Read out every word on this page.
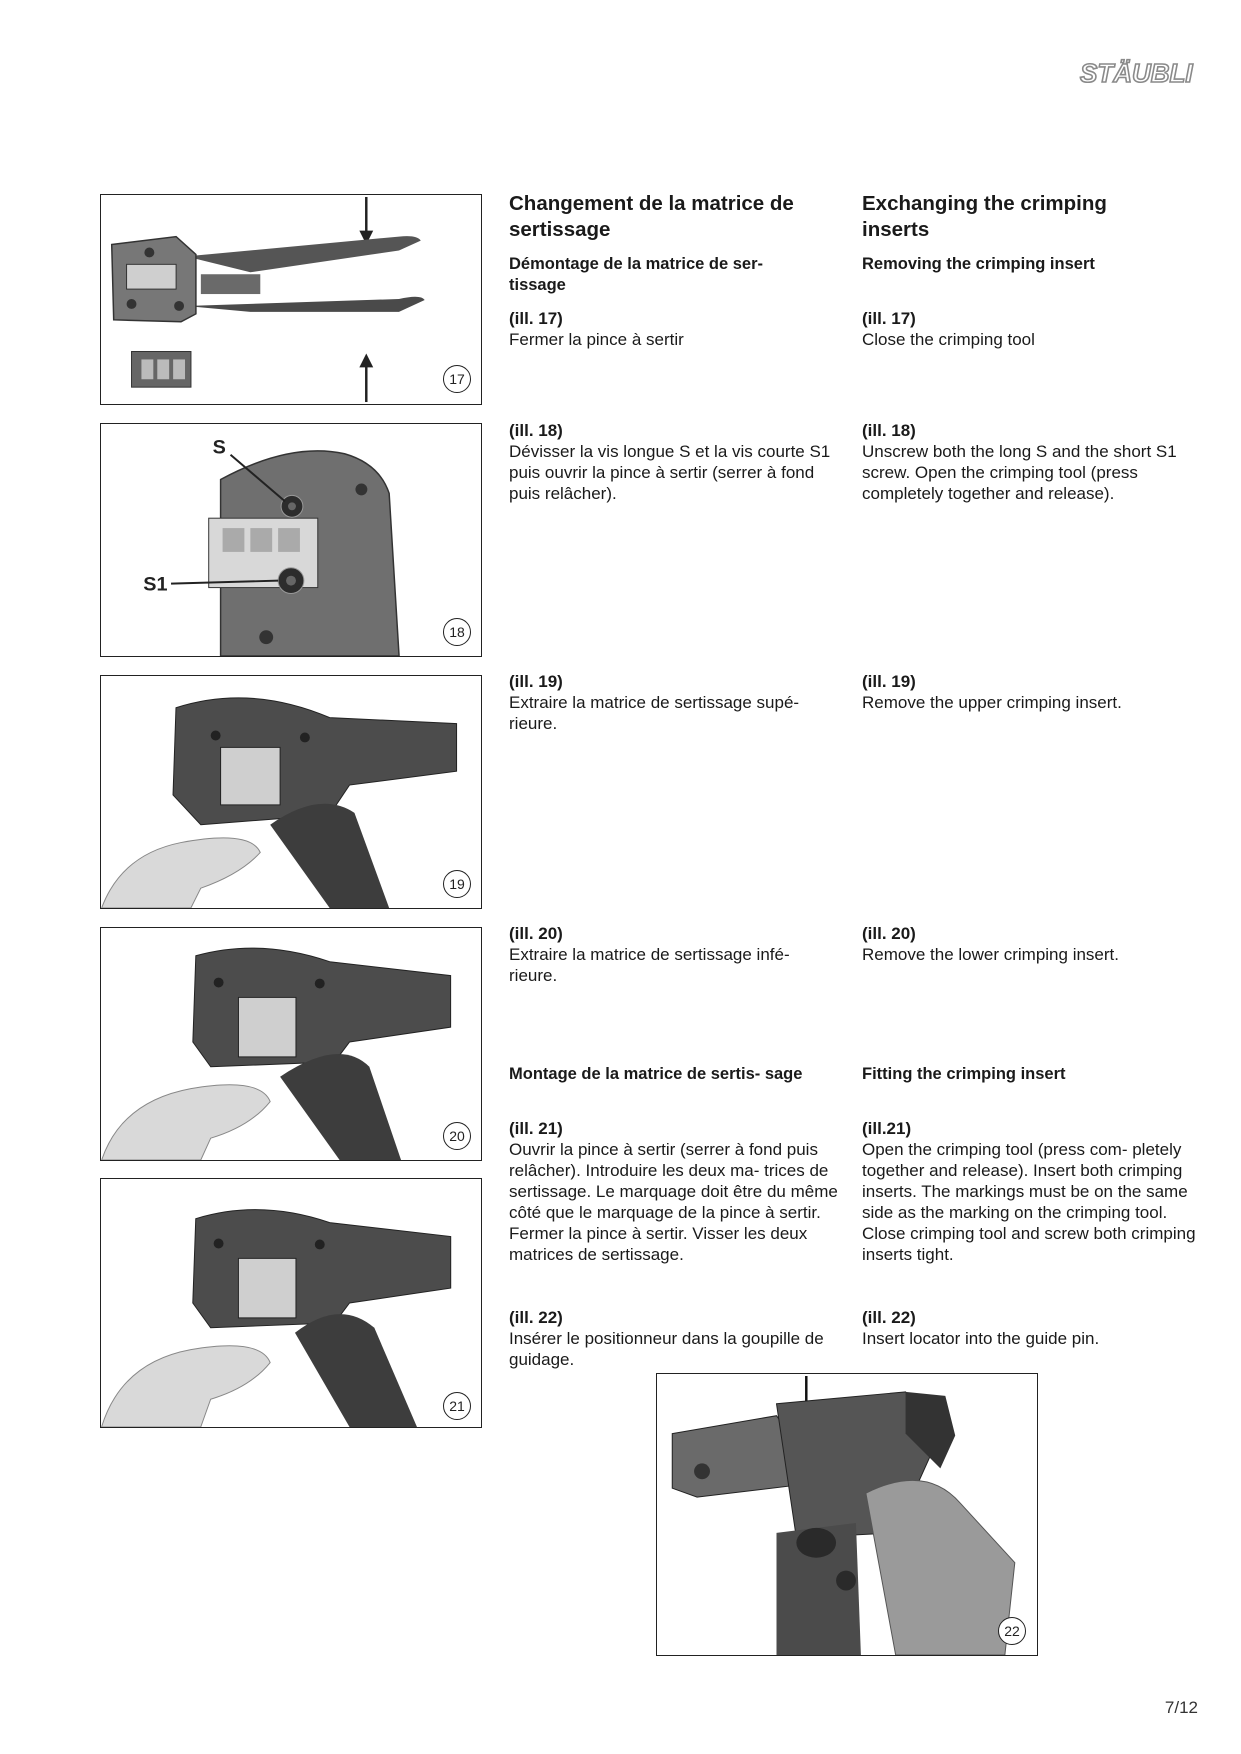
STÄUBLI
17
S
S1
18
19
20
21
22

Changement de la matrice de sertissage

Démontage de la matrice de ser- tissage

(ill. 17)

Fermer la pince à sertir

(ill. 18)

Dévisser la vis longue S et la vis courte S1 puis ouvrir la pince à sertir (serrer à fond puis relâcher).

(ill. 19)

Extraire la matrice de sertissage supé- rieure.

(ill. 20)

Extraire la matrice de sertissage infé- rieure.

Montage de la matrice de sertis- sage

(ill. 21)

Ouvrir la pince à sertir (serrer à fond puis relâcher). Introduire les deux ma- trices de sertissage. Le marquage doit être du même côté que le marquage de la pince à sertir.

Fermer la pince à sertir. Visser les deux matrices de sertissage.

(ill. 22)

Insérer le positionneur dans la goupille de guidage.

Exchanging the crimping inserts

Removing the crimping insert

(ill. 17)

Close the crimping tool

(ill. 18)

Unscrew both the long S and the short S1 screw. Open the crimping tool (press completely together and release).

(ill. 19)

Remove the upper crimping insert.

(ill. 20)

Remove the lower crimping insert.

Fitting the crimping insert

(ill.21)

Open the crimping tool (press com- pletely together and release). Insert both crimping inserts. The markings must be on the same side as the marking on the crimping tool.

Close crimping tool and screw both crimping inserts tight.

(ill. 22)

Insert locator into the guide pin.

7/12
